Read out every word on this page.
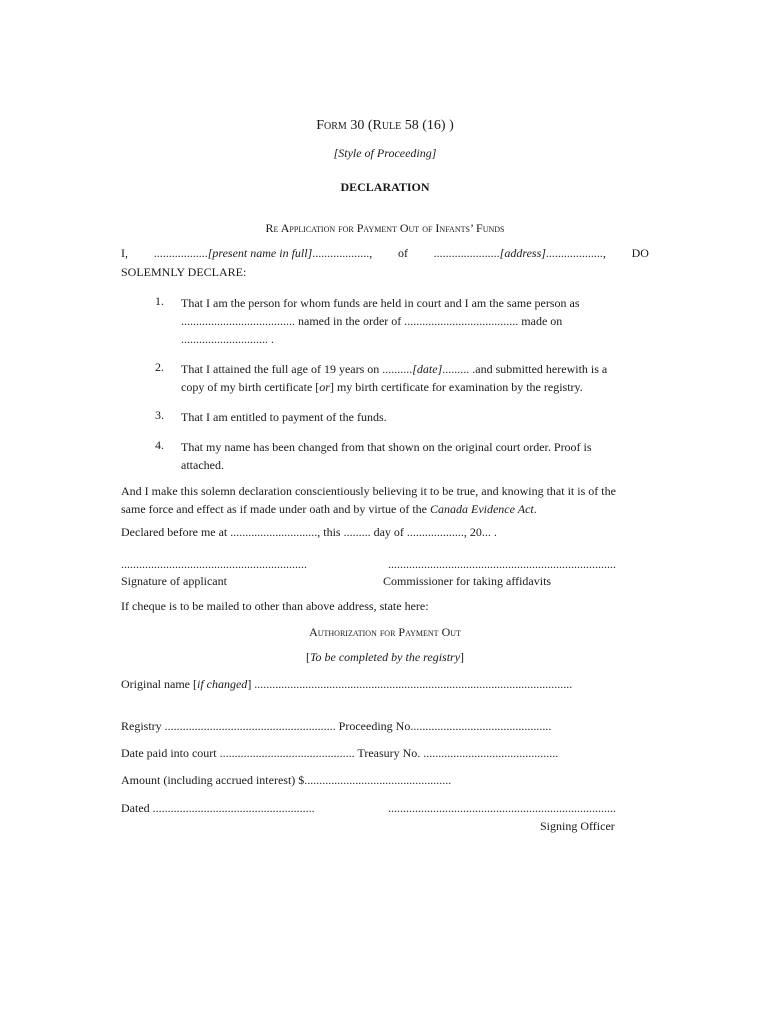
Form 30 (Rule 58 (16) )
[Style of Proceeding]
DECLARATION
Re Application for Payment Out of Infants’ Funds
I, ..................[present name in full]..................., of ......................[address]..................., DO
SOLEMNLY DECLARE:
1. That I am the person for whom funds are held in court and I am the same person as
...................................... named in the order of ...................................... made on
............................. .
2. That I attained the full age of 19 years on ..........[date]......... .and submitted herewith is a
copy of my birth certificate [or] my birth certificate for examination by the registry.
3. That I am entitled to payment of the funds.
4. That my name has been changed from that shown on the original court order. Proof is
attached.
And I make this solemn declaration conscientiously believing it to be true, and knowing that it is of the
same force and effect as if made under oath and by virtue of the Canada Evidence Act.
Declared before me at ............................., this ......... day of ..................., 20... .
..............................................................	............................................................................
Signature of applicant	Commissioner for taking affidavits
If cheque is to be mailed to other than above address, state here:
Authorization for Payment Out
[To be completed by the registry]
Original name [if changed] ..........................................................................................................
Registry ......................................................... Proceeding No...............................................
Date paid into court ............................................. Treasury No. .............................................
Amount (including accrued interest) $.................................................
Dated ......................................................	............................................................................
Signing Officer
